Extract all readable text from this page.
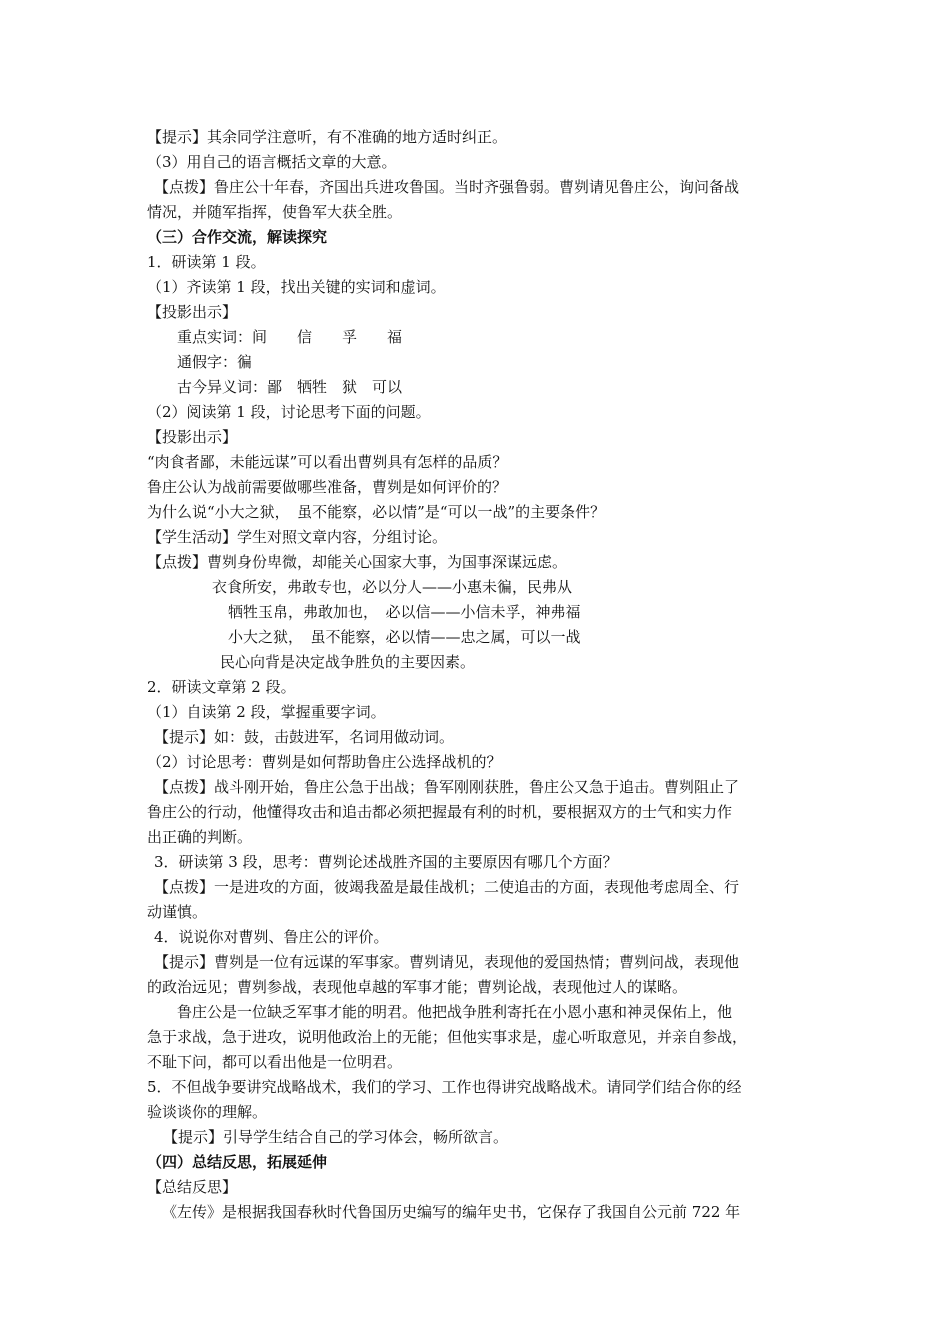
【提示】其余同学注意听，有不准确的地方适时纠正。
（3）用自己的语言概括文章的大意。
【点拨】鲁庄公十年春，齐国出兵进攻鲁国。当时齐强鲁弱。曹刿请见鲁庄公，询问备战
情况，并随军指挥，使鲁军大获全胜。
（三）合作交流，解读探究
1．研读第 1 段。
（1）齐读第 1 段，找出关键的实词和虚词。
【投影出示】
重点实词：间　　信　　孚　　福
通假字：徧
古今异义词：鄙　牺牲　狱　可以
（2）阅读第 1 段，讨论思考下面的问题。
【投影出示】
“肉食者鄙，未能远谋”可以看出曹刿具有怎样的品质？
鲁庄公认为战前需要做哪些准备，曹刿是如何评价的？
为什么说“小大之狱，　虽不能察，必以情”是“可以一战”的主要条件？
【学生活动】学生对照文章内容，分组讨论。
【点拨】曹刿身份卑微，却能关心国家大事，为国事深谋远虑。
衣食所安，弗敢专也，必以分人——小惠未徧，民弗从
牺牲玉帛，弗敢加也，　必以信——小信未孚，神弗福
小大之狱，　虽不能察，必以情——忠之属，可以一战
民心向背是决定战争胜负的主要因素。
2．研读文章第 2 段。
（1）自读第 2 段，掌握重要字词。
【提示】如：鼓，击鼓进军，名词用做动词。
（2）讨论思考：曹刿是如何帮助鲁庄公选择战机的？
【点拨】战斗刚开始，鲁庄公急于出战；鲁军刚刚获胜，鲁庄公又急于追击。曹刿阻止了
鲁庄公的行动，他懂得攻击和追击都必须把握最有利的时机，要根据双方的士气和实力作
出正确的判断。
3．研读第 3 段，思考：曹刿论述战胜齐国的主要原因有哪几个方面？
【点拨】一是进攻的方面，彼竭我盈是最佳战机；二使追击的方面，表现他考虑周全、行
动谨慎。
4．说说你对曹刿、鲁庄公的评价。
【提示】曹刿是一位有远谋的军事家。曹刿请见，表现他的爱国热情；曹刿问战，表现他
的政治远见；曹刿参战，表现他卓越的军事才能；曹刿论战，表现他过人的谋略。
鲁庄公是一位缺乏军事才能的明君。他把战争胜利寄托在小恩小惠和神灵保佑上，他
急于求战，急于进攻，说明他政治上的无能；但他实事求是，虚心听取意见，并亲自参战，
不耻下问，都可以看出他是一位明君。
5．不但战争要讲究战略战术，我们的学习、工作也得讲究战略战术。请同学们结合你的经
验谈谈你的理解。
【提示】引导学生结合自己的学习体会，畅所欲言。
（四）总结反思，拓展延伸
【总结反思】
《左传》是根据我国春秋时代鲁国历史编写的编年史书，它保存了我国自公元前 722 年
